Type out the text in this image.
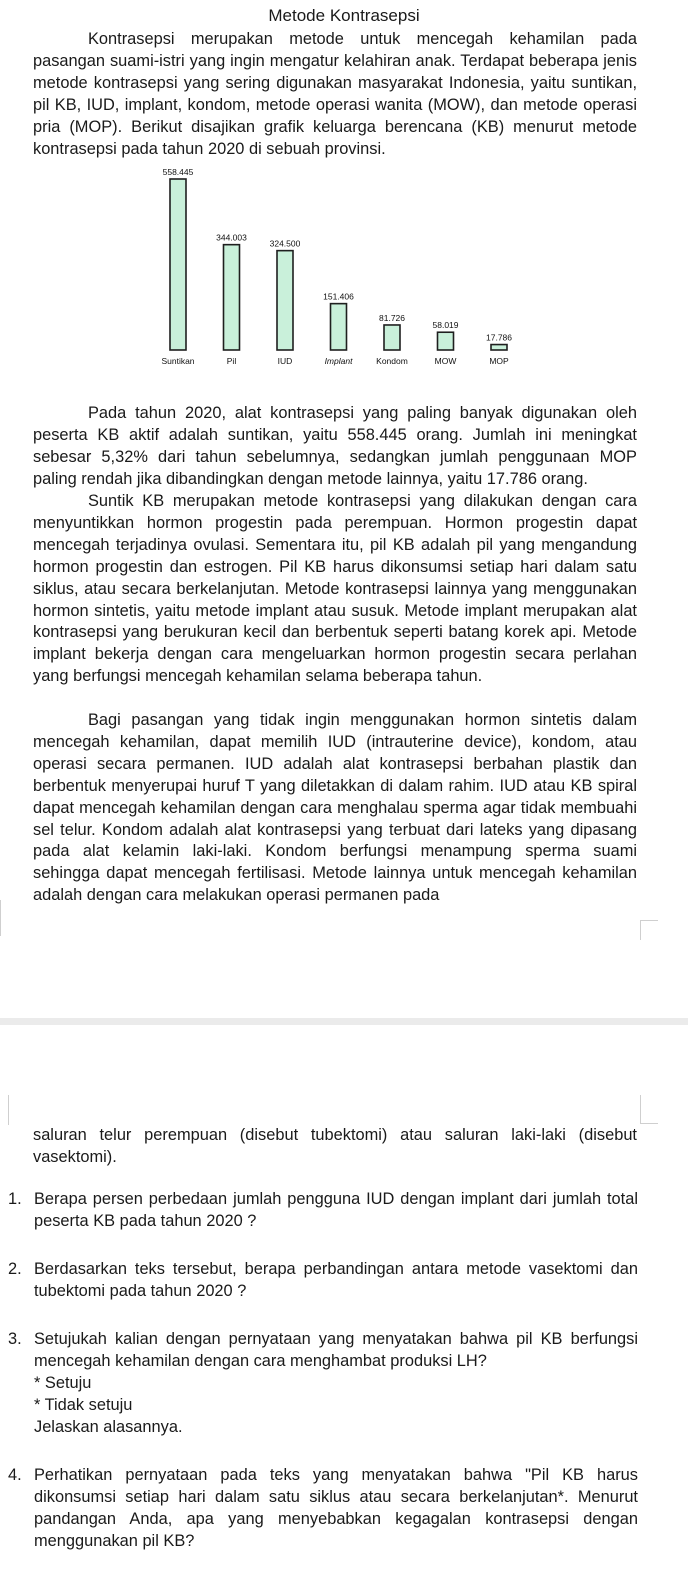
Metode Kontrasepsi

Kontrasepsi merupakan metode untuk mencegah kehamilan pada pasangan suami-istri yang ingin mengatur kelahiran anak. Terdapat beberapa jenis metode kontrasepsi yang sering digunakan masyarakat Indonesia, yaitu suntikan, pil KB, IUD, implant, kondom, metode operasi wanita (MOW), dan metode operasi pria (MOP). Berikut disajikan grafik keluarga berencana (KB) menurut metode kontrasepsi pada tahun 2020 di sebuah provinsi.

558.445
Suntikan
344.003
Pil
324.500
IUD
151.406
Implant
81.726
Kondom
58.019
MOW
17.786
MOP

Pada tahun 2020, alat kontrasepsi yang paling banyak digunakan oleh peserta KB aktif adalah suntikan, yaitu 558.445 orang. Jumlah ini meningkat sebesar 5,32% dari tahun sebelumnya, sedangkan jumlah penggunaan MOP paling rendah jika dibandingkan dengan metode lainnya, yaitu 17.786 orang.

Suntik KB merupakan metode kontrasepsi yang dilakukan dengan cara menyuntikkan hormon progestin pada perempuan. Hormon progestin dapat mencegah terjadinya ovulasi. Sementara itu, pil KB adalah pil yang mengandung hormon progestin dan estrogen. Pil KB harus dikonsumsi setiap hari dalam satu siklus, atau secara berkelanjutan. Metode kontrasepsi lainnya yang menggunakan hormon sintetis, yaitu metode implant atau susuk. Metode implant merupakan alat kontrasepsi yang berukuran kecil dan berbentuk seperti batang korek api. Metode implant bekerja dengan cara mengeluarkan hormon progestin secara perlahan yang berfungsi mencegah kehamilan selama beberapa tahun.

Bagi pasangan yang tidak ingin menggunakan hormon sintetis dalam mencegah kehamilan, dapat memilih IUD (intrauterine device), kondom, atau operasi secara permanen. IUD adalah alat kontrasepsi berbahan plastik dan berbentuk menyerupai huruf T yang diletakkan di dalam rahim. IUD atau KB spiral dapat mencegah kehamilan dengan cara menghalau sperma agar tidak membuahi sel telur. Kondom adalah alat kontrasepsi yang terbuat dari lateks yang dipasang pada alat kelamin laki-laki. Kondom berfungsi menampung sperma suami sehingga dapat mencegah fertilisasi. Metode lainnya untuk mencegah kehamilan adalah dengan cara melakukan operasi permanen pada

saluran telur perempuan (disebut tubektomi) atau saluran laki-laki (disebut vasektomi).

1. Berapa persen perbedaan jumlah pengguna IUD dengan implant dari jumlah total peserta KB pada tahun 2020 ?
2. Berdasarkan teks tersebut, berapa perbandingan antara metode vasektomi dan tubektomi pada tahun 2020 ?
3. Setujukah kalian dengan pernyataan yang menyatakan bahwa pil KB berfungsi mencegah kehamilan dengan cara menghambat produksi LH?
* Setuju
* Tidak setuju
Jelaskan alasannya.
4. Perhatikan pernyataan pada teks yang menyatakan bahwa "Pil KB harus dikonsumsi setiap hari dalam satu siklus atau secara berkelanjutan*. Menurut pandangan Anda, apa yang menyebabkan kegagalan kontrasepsi dengan menggunakan pil KB?
